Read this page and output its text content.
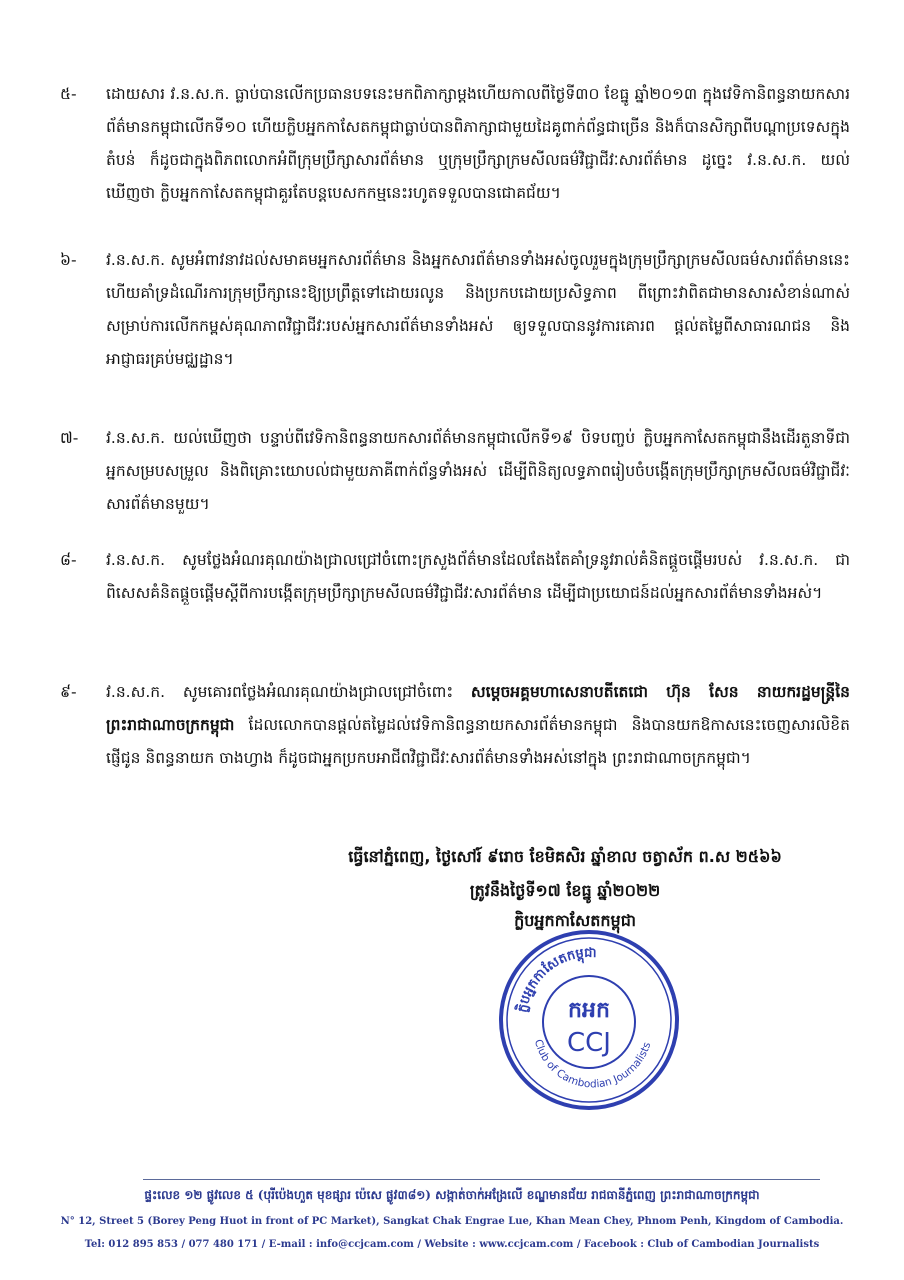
៥-	ដោយសារ វ.ន.ស.ក. ធ្លាប់បានលើកប្រធានបទនេះមកពិភាក្សាម្ដងហើយកាលពីថ្ងៃទី៣០ ខែធ្នូ ឆ្នាំ២០១៣ ក្នុងវេទិកានិពន្ធនាយកសារព័ត៌មានកម្ពុជាលើកទី១០ ហើយក្លិបអ្នកកាសែតកម្ពុជាធ្លាប់បានពិភាក្សាជាមួយដៃគូពាក់ព័ន្ធជាច្រើន និងក៏បានសិក្សាពីបណ្ដាប្រទេសក្នុងតំបន់ ក៏ដូចជាក្នុងពិភពលោកអំពីក្រុមប្រឹក្សាសារព័ត៌មាន ឬក្រុមប្រឹក្សាក្រមសីលធម៌វិជ្ជាជីវៈសារព័ត៌មាន ដូច្នេះ វ.ន.ស.ក. យល់ឃើញថា ក្លិបអ្នកកាសែតកម្ពុជាគួរតែបន្តបេសកកម្មនេះរហូតទទួលបានជោគជ័យ។
៦-	វ.ន.ស.ក. សូមអំពាវនាវដល់សមាគមអ្នកសារព័ត៌មាន និងអ្នកសារព័ត៌មានទាំងអស់ចូលរួមក្នុងក្រុមប្រឹក្សាក្រមសីលធម៌សារព័ត៌មាននេះ ហើយគាំទ្រដំណើរការក្រុមប្រឹក្សានេះឱ្យប្រព្រឹត្តទៅដោយរលូន និងប្រកបដោយប្រសិទ្ធភាព ពីព្រោះវាពិតជាមានសារសំខាន់ណាស់សម្រាប់ការលើកកម្ពស់គុណភាពវិជ្ជាជីវៈរបស់អ្នកសារព័ត៌មានទាំងអស់ ឲ្យទទួលបាននូវការគោរព ផ្ដល់តម្លៃពីសាធារណជន និងអាជ្ញាធរគ្រប់មជ្ឈដ្ឋាន។
៧-	វ.ន.ស.ក. យល់ឃើញថា បន្ទាប់ពីវេទិកានិពន្ធនាយកសារព័ត៌មានកម្ពុជាលើកទី១៩ បិទបញ្ចប់ ក្លិបអ្នកកាសែតកម្ពុជានឹងដើរតួនាទីជាអ្នកសម្របសម្រួល និងពិគ្រោះយោបល់ជាមួយភាគីពាក់ព័ន្ធទាំងអស់ ដើម្បីពិនិត្យលទ្ធភាពរៀបចំបង្កើតក្រុមប្រឹក្សាក្រមសីលធម៌វិជ្ជាជីវៈសារព័ត៌មានមួយ។
៨-	វ.ន.ស.ក. សូមថ្លែងអំណរគុណយ៉ាងជ្រាលជ្រៅចំពោះក្រសួងព័ត៌មានដែលតែងតែគាំទ្រនូវរាល់គំនិតផ្ដួចផ្ដើមរបស់ វ.ន.ស.ក. ជាពិសេសគំនិតផ្ដួចផ្ដើមស្ដីពីការបង្កើតក្រុមប្រឹក្សាក្រមសីលធម៌វិជ្ជាជីវៈសារព័ត៌មាន ដើម្បីជាប្រយោជន៍ដល់អ្នកសារព័ត៌មានទាំងអស់។
៩-	វ.ន.ស.ក. សូមគោរពថ្លែងអំណរគុណយ៉ាងជ្រាលជ្រៅចំពោះ សម្ដេចអគ្គមហាសេនាបតីតេជោ ហ៊ុន សែន នាយករដ្ឋមន្ត្រីនៃព្រះរាជាណាចក្រកម្ពុជា ដែលលោកបានផ្ដល់តម្លៃដល់វេទិកានិពន្ធនាយកសារព័ត៌មានកម្ពុជា និងបានយកឱកាសនេះចេញសារលិខិតផ្ញើជូន និពន្ធនាយក ចាងហ្វាង ក៏ដូចជាអ្នកប្រកបអាជីពវិជ្ជាជីវៈសារព័ត៌មានទាំងអស់នៅក្នុង ព្រះរាជាណាចក្រកម្ពុជា។
ធ្វើនៅភ្នំពេញ, ថ្ងៃសៅរ៍ ៩រោច ខែមិគសិរ ឆ្នាំខាល ចត្វាស័ក ព.ស ២៥៦៦
ត្រូវនឹងថ្ងៃទី១៧ ខែធ្នូ ឆ្នាំ២០២២
ក្លិបអ្នកកាសែតកម្ពុជា
ក្លិបអ្នកកាសែតកម្ពុជា
កអក
CCJ
Club of Cambodian Journalists
ផ្ទះលេខ ១២ ផ្លូវលេខ ៥ (បុរីប៉េងហួត មុខផ្សារ ប៉េសេ ផ្លូវ៣៨១) សង្កាត់ចាក់អង្រែលើ ខណ្ឌមានជ័យ រាជធានីភ្នំពេញ ព្រះរាជាណាចក្រកម្ពុជា
N° 12, Street 5 (Borey Peng Huot in front of PC Market), Sangkat Chak Engrae Lue, Khan Mean Chey, Phnom Penh, Kingdom of Cambodia.
Tel: 012 895 853 / 077 480 171 / E-mail : info@ccjcam.com / Website : www.ccjcam.com / Facebook : Club of Cambodian Journalists
